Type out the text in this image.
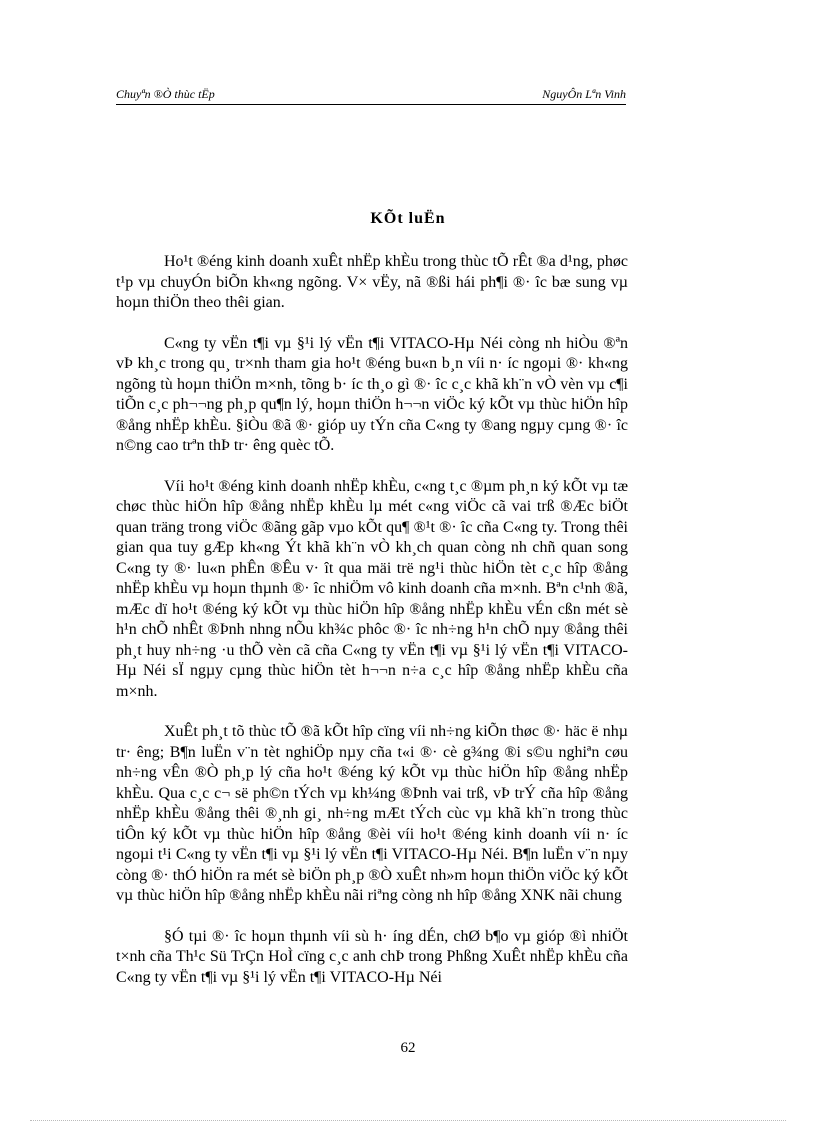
Chuyªn ®Ò thùc tËp	NguyÔn Lªn Vinh
KÕt luËn

Ho¹t ®éng kinh doanh xuÊt nhËp khÈu trong thùc tÕ rÊt ®a d¹ng, phøc t¹p vµ chuyÓn biÕn kh«ng ngõng. V× vËy, nã ®ßi hái ph¶i ®· îc bæ sung vµ hoµn thiÖn theo thêi gian.

C«ng ty vËn t¶i vµ §¹i lý vËn t¶i VITACO-Hµ Néi còng nh hiÒu ®ªn vÞ kh¸c trong qu¸ tr×nh tham gia ho¹t ®éng bu«n b¸n víi n· íc ngoµi ®· kh«ng ngõng tù hoµn thiÖn m×nh, tõng b· íc th¸o gì ®· îc c¸c khã kh¨n vÒ vèn vµ c¶i tiÕn c¸c ph¬¬ng ph¸p qu¶n lý, hoµn thiÖn h¬¬n viÖc ký kÕt vµ thùc hiÖn hîp ®ång nhËp khÈu. §iÒu ®ã ®· gióp uy tÝn cña C«ng ty ®ang ngµy cµng ®· îc n©ng cao trªn thÞ tr· êng quèc tÕ.

Víi ho¹t ®éng kinh doanh nhËp khÈu, c«ng t¸c ®µm ph¸n ký kÕt vµ tæ chøc thùc hiÖn hîp ®ång nhËp khÈu lµ mét c«ng viÖc cã vai trß ®Æc biÖt quan träng trong viÖc ®ãng gãp vµo kÕt qu¶ ®¹t ®· îc cña C«ng ty. Trong thêi gian qua tuy gÆp kh«ng Ýt khã kh¨n vÒ kh¸ch quan còng nh chñ quan song C«ng ty ®· lu«n phÊn ®Êu v· ît qua mäi trë ng¹i thùc hiÖn tèt c¸c hîp ®ång nhËp khÈu vµ hoµn thµnh ®· îc nhiÖm vô kinh doanh cña m×nh. Bªn c¹nh ®ã, mÆc dï ho¹t ®éng ký kÕt vµ thùc hiÖn hîp ®ång nhËp khÈu vÉn cßn mét sè h¹n chÕ nhÊt ®Þnh nhng nÕu kh¾c phôc ®· îc nh÷ng h¹n chÕ nµy ®ång thêi ph¸t huy nh÷ng ·u thÕ vèn cã cña C«ng ty vËn t¶i vµ §¹i lý vËn t¶i VITACO-Hµ Néi sÏ ngµy cµng thùc hiÖn tèt h¬¬n n÷a c¸c hîp ®ång nhËp khÈu cña m×nh.

XuÊt ph¸t tõ thùc tÕ ®ã kÕt hîp cïng víi nh÷ng kiÕn thøc ®· häc ë nhµ tr· êng; B¶n luËn v¨n tèt nghiÖp nµy cña t«i ®· cè g¾ng ®i s©u nghiªn cøu nh÷ng vÊn ®Ò ph¸p lý cña ho¹t ®éng ký kÕt vµ thùc hiÖn hîp ®ång nhËp khÈu. Qua c¸c c¬ së ph©n tÝch vµ kh¼ng ®Þnh vai trß, vÞ trÝ cña hîp ®ång nhËp khÈu ®ång thêi ®¸nh gi¸ nh÷ng mÆt tÝch cùc vµ khã kh¨n trong thùc tiÔn ký kÕt vµ thùc hiÖn hîp ®ång ®èi víi ho¹t ®éng kinh doanh víi n· íc ngoµi t¹i C«ng ty vËn t¶i vµ §¹i lý vËn t¶i VITACO-Hµ Néi. B¶n luËn v¨n nµy còng ®· thÓ hiÖn ra mét sè biÖn ph¸p ®Ò xuÊt nh»m hoµn thiÖn viÖc ký kÕt vµ thùc hiÖn hîp ®ång nhËp khÈu nãi riªng còng nh hîp ®ång XNK nãi chung

§Ó tµi ®· îc hoµn thµnh víi sù h· íng dÉn, chØ b¶o vµ gióp ®ì nhiÖt t×nh cña Th¹c Sü TrÇn HoÌ cïng c¸c anh chÞ trong Phßng XuÊt nhËp khÈu cña C«ng ty vËn t¶i vµ §¹i lý vËn t¶i VITACO-Hµ Néi

62
